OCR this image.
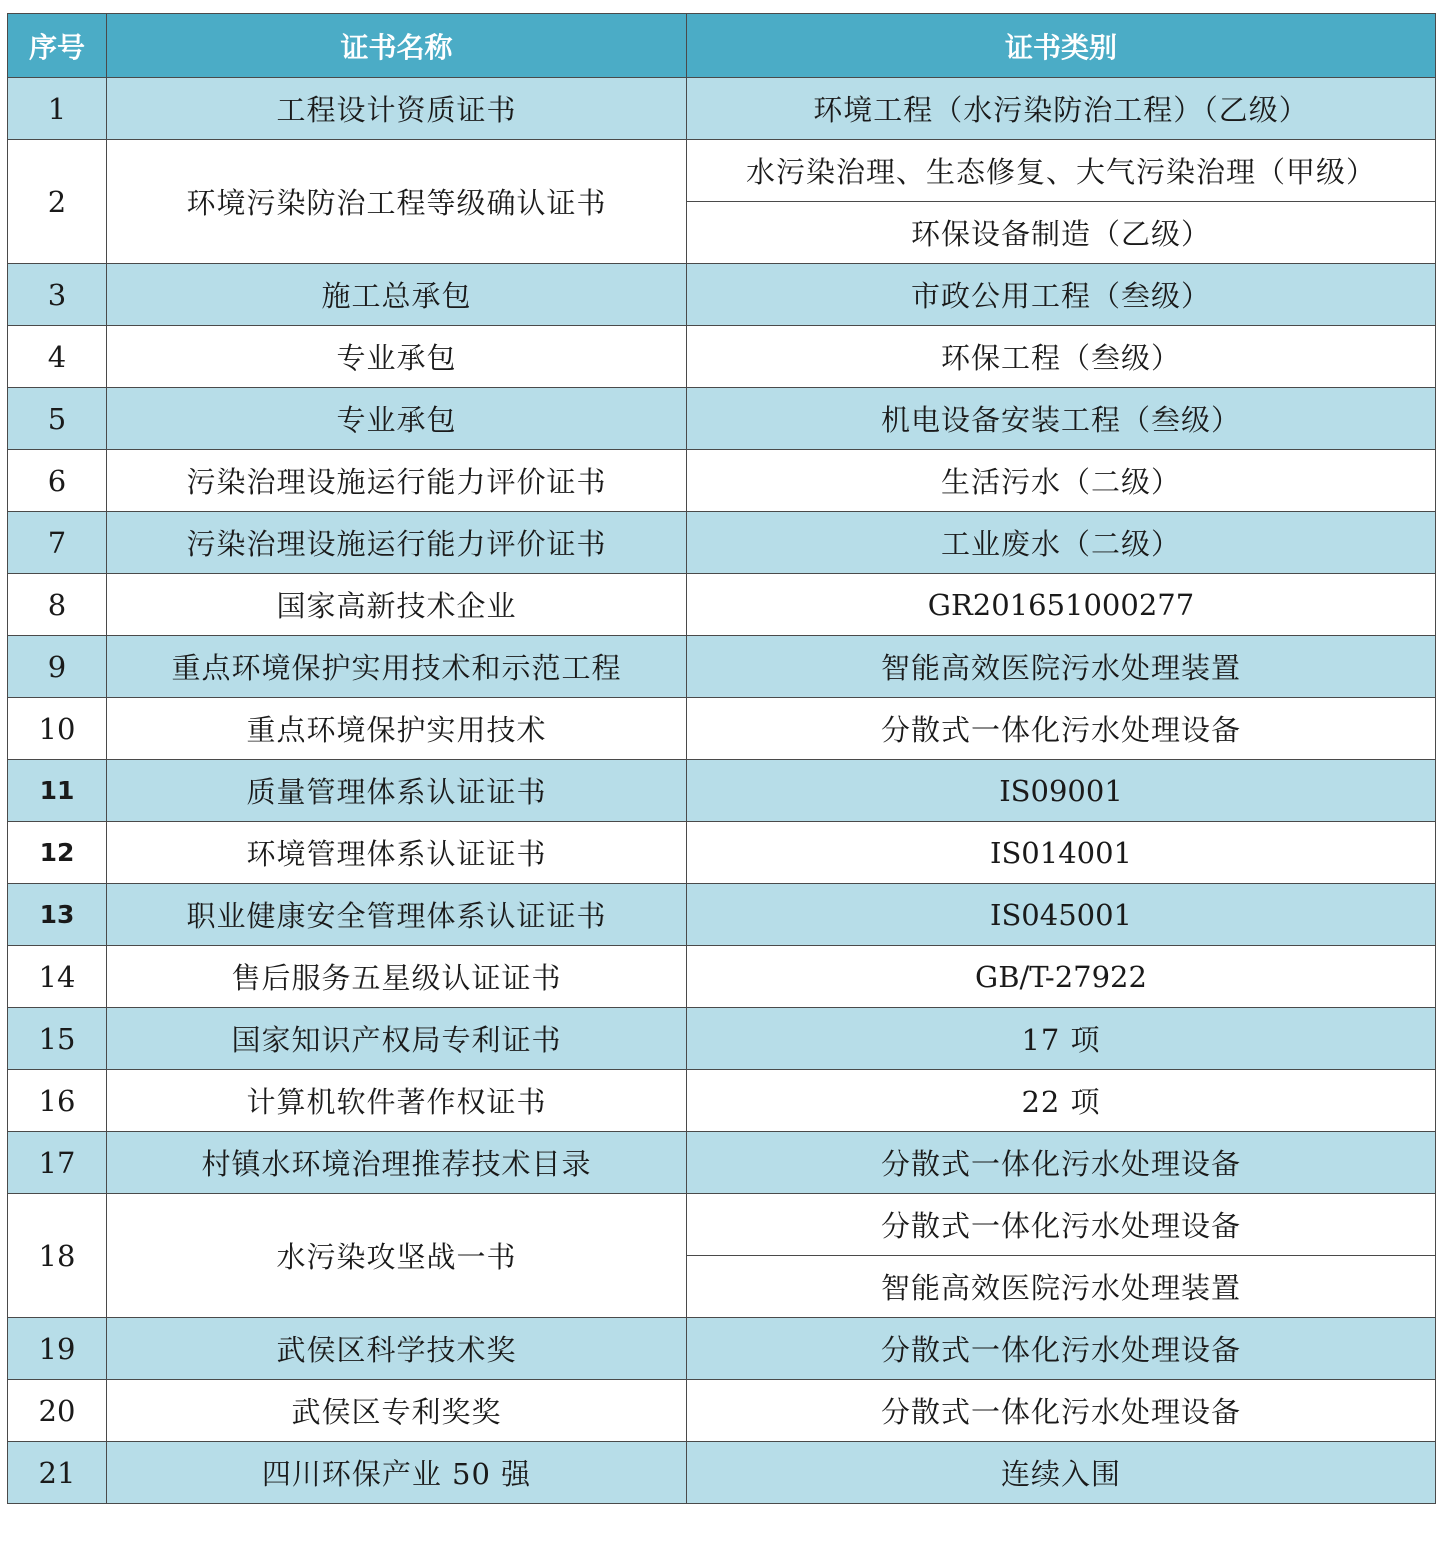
序号	证书名称	证书类别
1	工程设计资质证书	环境工程（水污染防治工程）（乙级）
2	环境污染防治工程等级确认证书	水污染治理、生态修复、大气污染治理（甲级）
		环保设备制造（乙级）
3	施工总承包	市政公用工程（叁级）
4	专业承包	环保工程（叁级）
5	专业承包	机电设备安装工程（叁级）
6	污染治理设施运行能力评价证书	生活污水（二级）
7	污染治理设施运行能力评价证书	工业废水（二级）
8	国家高新技术企业	GR201651000277
9	重点环境保护实用技术和示范工程	智能高效医院污水处理装置
10	重点环境保护实用技术	分散式一体化污水处理设备
11	质量管理体系认证证书	IS09001
12	环境管理体系认证证书	IS014001
13	职业健康安全管理体系认证证书	IS045001
14	售后服务五星级认证证书	GB/T-27922
15	国家知识产权局专利证书	17 项
16	计算机软件著作权证书	22 项
17	村镇水环境治理推荐技术目录	分散式一体化污水处理设备
18	水污染攻坚战一书	分散式一体化污水处理设备
		智能高效医院污水处理装置
19	武侯区科学技术奖	分散式一体化污水处理设备
20	武侯区专利奖奖	分散式一体化污水处理设备
21	四川环保产业 50 强	连续入围
